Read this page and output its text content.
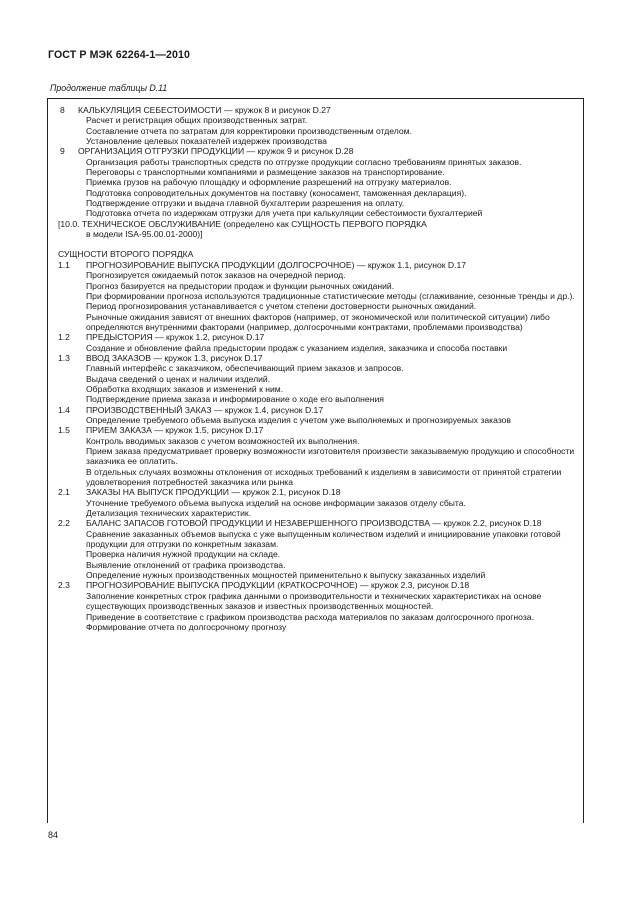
ГОСТ Р МЭК 62264-1—2010
Продолжение таблицы D.11
8	КАЛЬКУЛЯЦИЯ СЕБЕСТОИМОСТИ — кружок 8 и рисунок D.27
Расчет и регистрация общих производственных затрат.
Составление отчета по затратам для корректировки производственным отделом.
Установление целевых показателей издержек производства
9	ОРГАНИЗАЦИЯ ОТГРУЗКИ ПРОДУКЦИИ — кружок 9 и рисунок D.28
Организация работы транспортных средств по отгрузке продукции согласно требованиям принятых заказов.
Переговоры с транспортными компаниями и размещение заказов на транспортирование.
Приемка грузов на рабочую площадку и оформление разрешений на отгрузку материалов.
Подготовка сопроводительных документов на поставку (коносамент, таможенная декларация).
Подтверждение отгрузки и выдача главной бухгалтерии разрешения на оплату.
Подготовка отчета по издержкам отгрузки для учета при калькуляции себестоимости бухгалтерией
[10.0. ТЕХНИЧЕСКОЕ ОБСЛУЖИВАНИЕ (определено как СУЩНОСТЬ ПЕРВОГО ПОРЯДКА
в модели ISA-95.00.01-2000)]
СУЩНОСТИ ВТОРОГО ПОРЯДКА
1.1	ПРОГНОЗИРОВАНИЕ ВЫПУСКА ПРОДУКЦИИ (ДОЛГОСРОЧНОЕ) — кружок 1.1, рисунок D.17
Прогнозируется ожидаемый поток заказов на очередной период.
Прогноз базируется на предыстории продаж и функции рыночных ожиданий.
При формировании прогноза используются традиционные статистические методы (сглаживание, сезонные тренды и др.).
Период прогнозирования устанавливается с учетом степени достоверности рыночных ожиданий.
Рыночные ожидания зависят от внешних факторов (например, от экономической или политической ситуации) либо определяются внутренними факторами (например, долгосрочными контрактами, проблемами производства)
1.2	ПРЕДЫСТОРИЯ — кружок 1.2, рисунок D.17
Создание и обновление файла предыстории продаж с указанием изделия, заказчика и способа поставки
1.3	ВВОД ЗАКАЗОВ — кружок 1.3, рисунок D.17
Главный интерфейс с заказчиком, обеспечивающий прием заказов и запросов.
Выдача сведений о ценах и наличии изделий.
Обработка входящих заказов и изменений к ним.
Подтверждение приема заказа и информирование о ходе его выполнения
1.4	ПРОИЗВОДСТВЕННЫЙ ЗАКАЗ — кружок 1.4, рисунок D.17
Определение требуемого объема выпуска изделия с учетом уже выполняемых и прогнозируемых заказов
1.5	ПРИЕМ ЗАКАЗА — кружок 1.5, рисунок D.17
Контроль вводимых заказов с учетом возможностей их выполнения.
Прием заказа предусматривает проверку возможности изготовителя произвести заказываемую продукцию и способности заказчика ее оплатить.
В отдельных случаях возможны отклонения от исходных требований к изделиям в зависимости от принятой стратегии удовлетворения потребностей заказчика или рынка
2.1	ЗАКАЗЫ НА ВЫПУСК ПРОДУКЦИИ — кружок 2.1, рисунок D.18
Уточнение требуемого объема выпуска изделий на основе информации заказов отделу сбыта.
Детализация технических характеристик.
2.2	БАЛАНС ЗАПАСОВ ГОТОВОЙ ПРОДУКЦИИ И НЕЗАВЕРШЕННОГО ПРОИЗВОДСТВА — кружок 2.2, рисунок D.18
Сравнение заказанных объемов выпуска с уже выпущенным количеством изделий и инициирование упаковки готовой продукции для отгрузки по конкретным заказам.
Проверка наличия нужной продукции на складе.
Выявление отклонений от графика производства.
Определение нужных производственных мощностей применительно к выпуску заказанных изделий
2.3	ПРОГНОЗИРОВАНИЕ ВЫПУСКА ПРОДУКЦИИ (КРАТКОСРОЧНОЕ) — кружок 2.3, рисунок D.18
Заполнение конкретных строк графика данными о производительности и технических характеристиках на основе существующих производственных заказов и известных производственных мощностей.
Приведение в соответствие с графиком производства расхода материалов по заказам долгосрочного прогноза.
Формирование отчета по долгосрочному прогнозу
84
